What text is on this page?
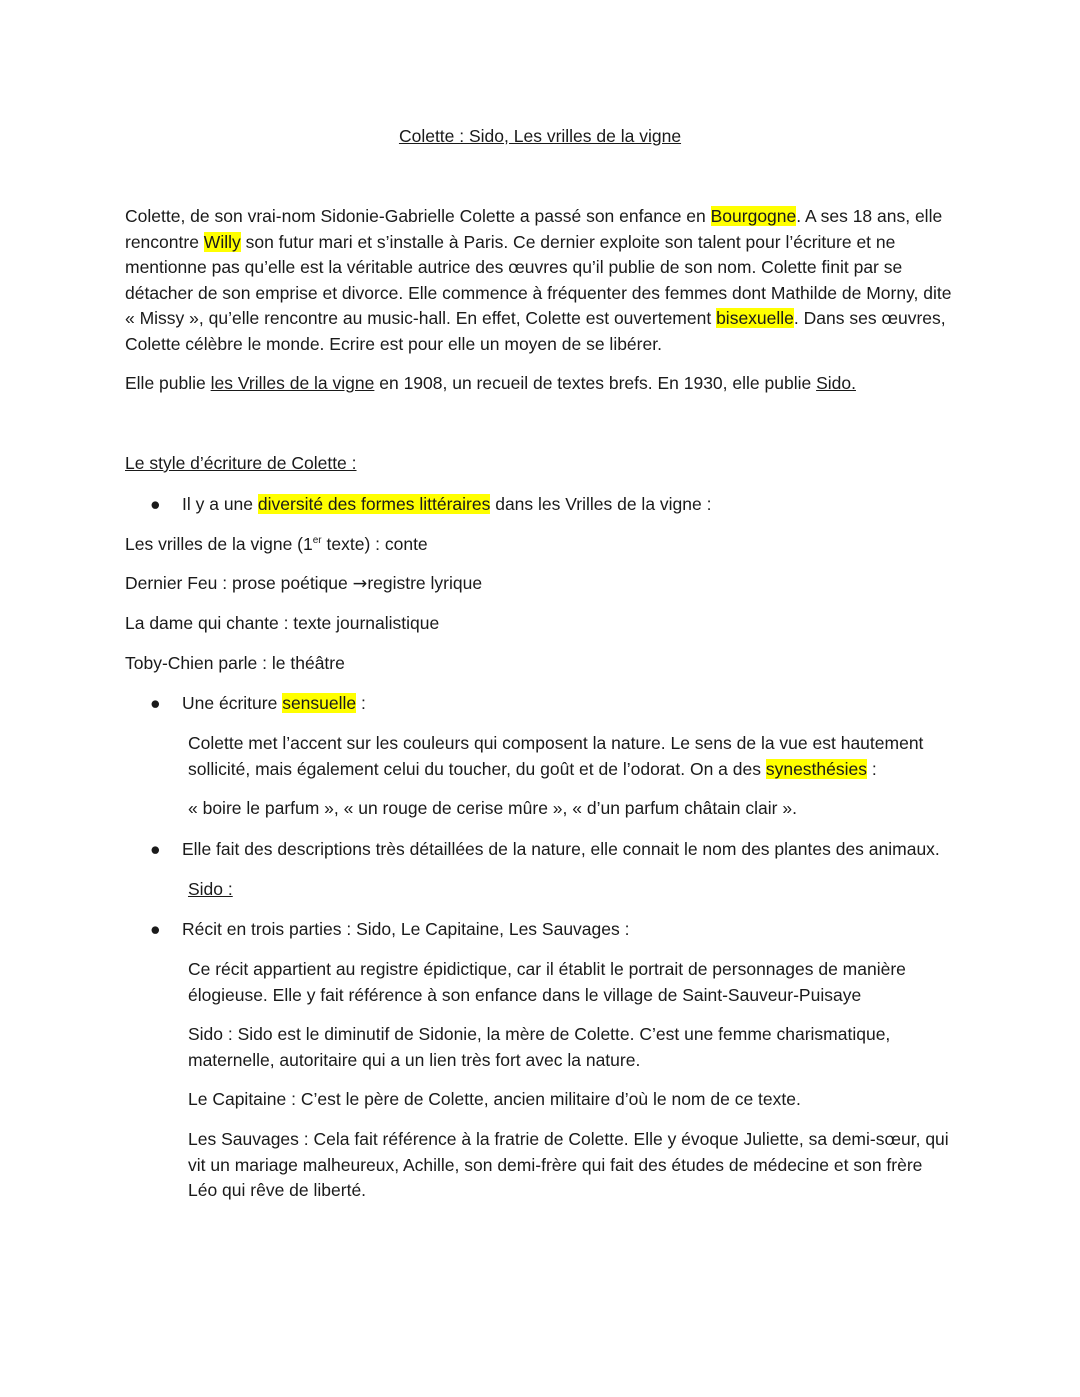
Colette : Sido, Les vrilles de la vigne

Colette, de son vrai-nom Sidonie-Gabrielle Colette a passé son enfance en Bourgogne. A ses 18 ans, elle rencontre Willy son futur mari et s’installe à Paris. Ce dernier exploite son talent pour l’écriture et ne mentionne pas qu’elle est la véritable autrice des œuvres qu’il publie de son nom. Colette finit par se détacher de son emprise et divorce. Elle commence à fréquenter des femmes dont Mathilde de Morny, dite « Missy », qu’elle rencontre au music-hall. En effet, Colette est ouvertement bisexuelle. Dans ses œuvres, Colette célèbre le monde. Ecrire est pour elle un moyen de se libérer.

Elle publie les Vrilles de la vigne en 1908, un recueil de textes brefs. En 1930, elle publie Sido.

Le style d’écriture de Colette :

● Il y a une diversité des formes littéraires dans les Vrilles de la vigne :

Les vrilles de la vigne (1er texte) : conte

Dernier Feu : prose poétique →registre lyrique

La dame qui chante : texte journalistique

Toby-Chien parle : le théâtre

● Une écriture sensuelle :

Colette met l’accent sur les couleurs qui composent la nature. Le sens de la vue est hautement sollicité, mais également celui du toucher, du goût et de l’odorat. On a des synesthésies :

« boire le parfum », « un rouge de cerise mûre », « d’un parfum châtain clair ».

● Elle fait des descriptions très détaillées de la nature, elle connait le nom des plantes des animaux.

Sido :

● Récit en trois parties : Sido, Le Capitaine, Les Sauvages :

Ce récit appartient au registre épidictique, car il établit le portrait de personnages de manière élogieuse. Elle y fait référence à son enfance dans le village de Saint-Sauveur-Puisaye

Sido : Sido est le diminutif de Sidonie, la mère de Colette. C’est une femme charismatique, maternelle, autoritaire qui a un lien très fort avec la nature.

Le Capitaine : C’est le père de Colette, ancien militaire d’où le nom de ce texte.

Les Sauvages : Cela fait référence à la fratrie de Colette. Elle y évoque Juliette, sa demi-sœur, qui vit un mariage malheureux, Achille, son demi-frère qui fait des études de médecine et son frère Léo qui rêve de liberté.
